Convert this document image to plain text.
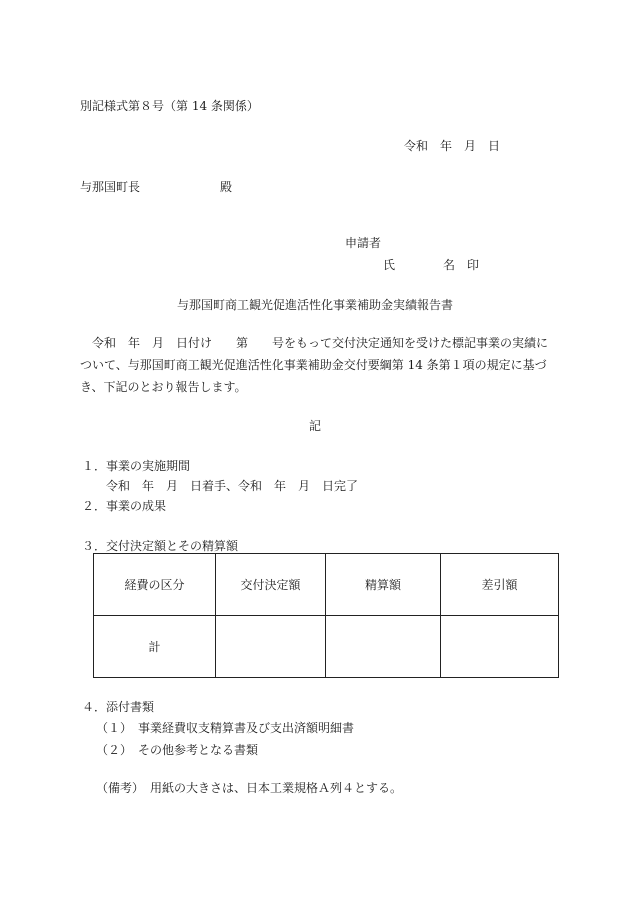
別記様式第８号（第 14 条関係）
令和　年　月　日
与那国町長	殿
申請者
氏　　　　名　印
与那国町商工観光促進活性化事業補助金実績報告書
令和　年　月　日付け　　第　　号をもって交付決定通知を受けた標記事業の実績について、与那国町商工観光促進活性化事業補助金交付要綱第 14 条第１項の規定に基づき、下記のとおり報告します。
記
１．事業の実施期間
令和　年　月　日着手、令和　年　月　日完了
２．事業の成果
３．交付決定額とその精算額
経費の区分	交付決定額	精算額	差引額
計			
４．添付書類
（１）　事業経費収支精算書及び支出済額明細書
（２）　その他参考となる書類
（備考）　用紙の大きさは、日本工業規格Ａ列４とする。
